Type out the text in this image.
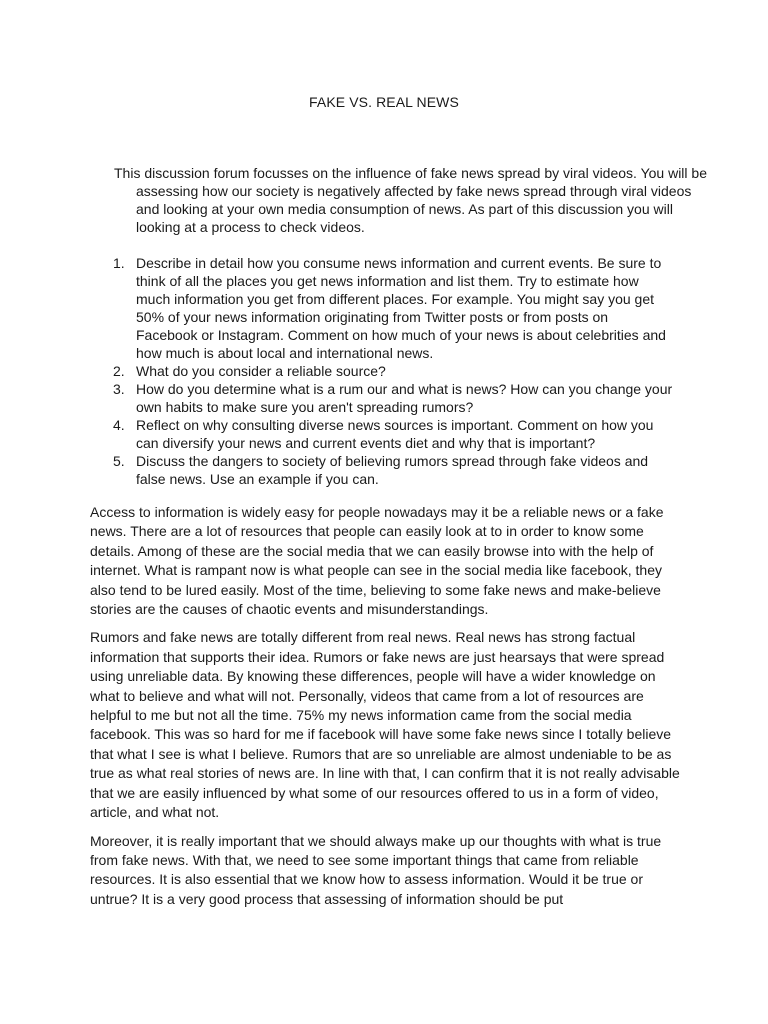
FAKE VS. REAL NEWS
This discussion forum focusses on the influence of fake news spread by viral videos. You will be assessing how our society is negatively affected by fake news spread through viral videos and looking at your own media consumption of news. As part of this discussion you will looking at a process to check videos.
1. Describe in detail how you consume news information and current events. Be sure to think of all the places you get news information and list them. Try to estimate how much information you get from different places. For example. You might say you get 50% of your news information originating from Twitter posts or from posts on Facebook or Instagram. Comment on how much of your news is about celebrities and how much is about local and international news.
2. What do you consider a reliable source?
3. How do you determine what is a rum our and what is news? How can you change your own habits to make sure you aren't spreading rumors?
4. Reflect on why consulting diverse news sources is important. Comment on how you can diversify your news and current events diet and why that is important?
5. Discuss the dangers to society of believing rumors spread through fake videos and false news. Use an example if you can.

Access to information is widely easy for people nowadays may it be a reliable news or a fake news. There are a lot of resources that people can easily look at to in order to know some details. Among of these are the social media that we can easily browse into with the help of internet. What is rampant now is what people can see in the social media like facebook, they also tend to be lured easily. Most of the time, believing to some fake news and make-believe stories are the causes of chaotic events and misunderstandings.

Rumors and fake news are totally different from real news. Real news has strong factual information that supports their idea. Rumors or fake news are just hearsays that were spread using unreliable data. By knowing these differences, people will have a wider knowledge on what to believe and what will not. Personally, videos that came from a lot of resources are helpful to me but not all the time. 75% my news information came from the social media facebook. This was so hard for me if facebook will have some fake news since I totally believe that what I see is what I believe. Rumors that are so unreliable are almost undeniable to be as true as what real stories of news are. In line with that, I can confirm that it is not really advisable that we are easily influenced by what some of our resources offered to us in a form of video, article, and what not.

Moreover, it is really important that we should always make up our thoughts with what is true from fake news. With that, we need to see some important things that came from reliable resources. It is also essential that we know how to assess information. Would it be true or untrue? It is a very good process that assessing of information should be put
